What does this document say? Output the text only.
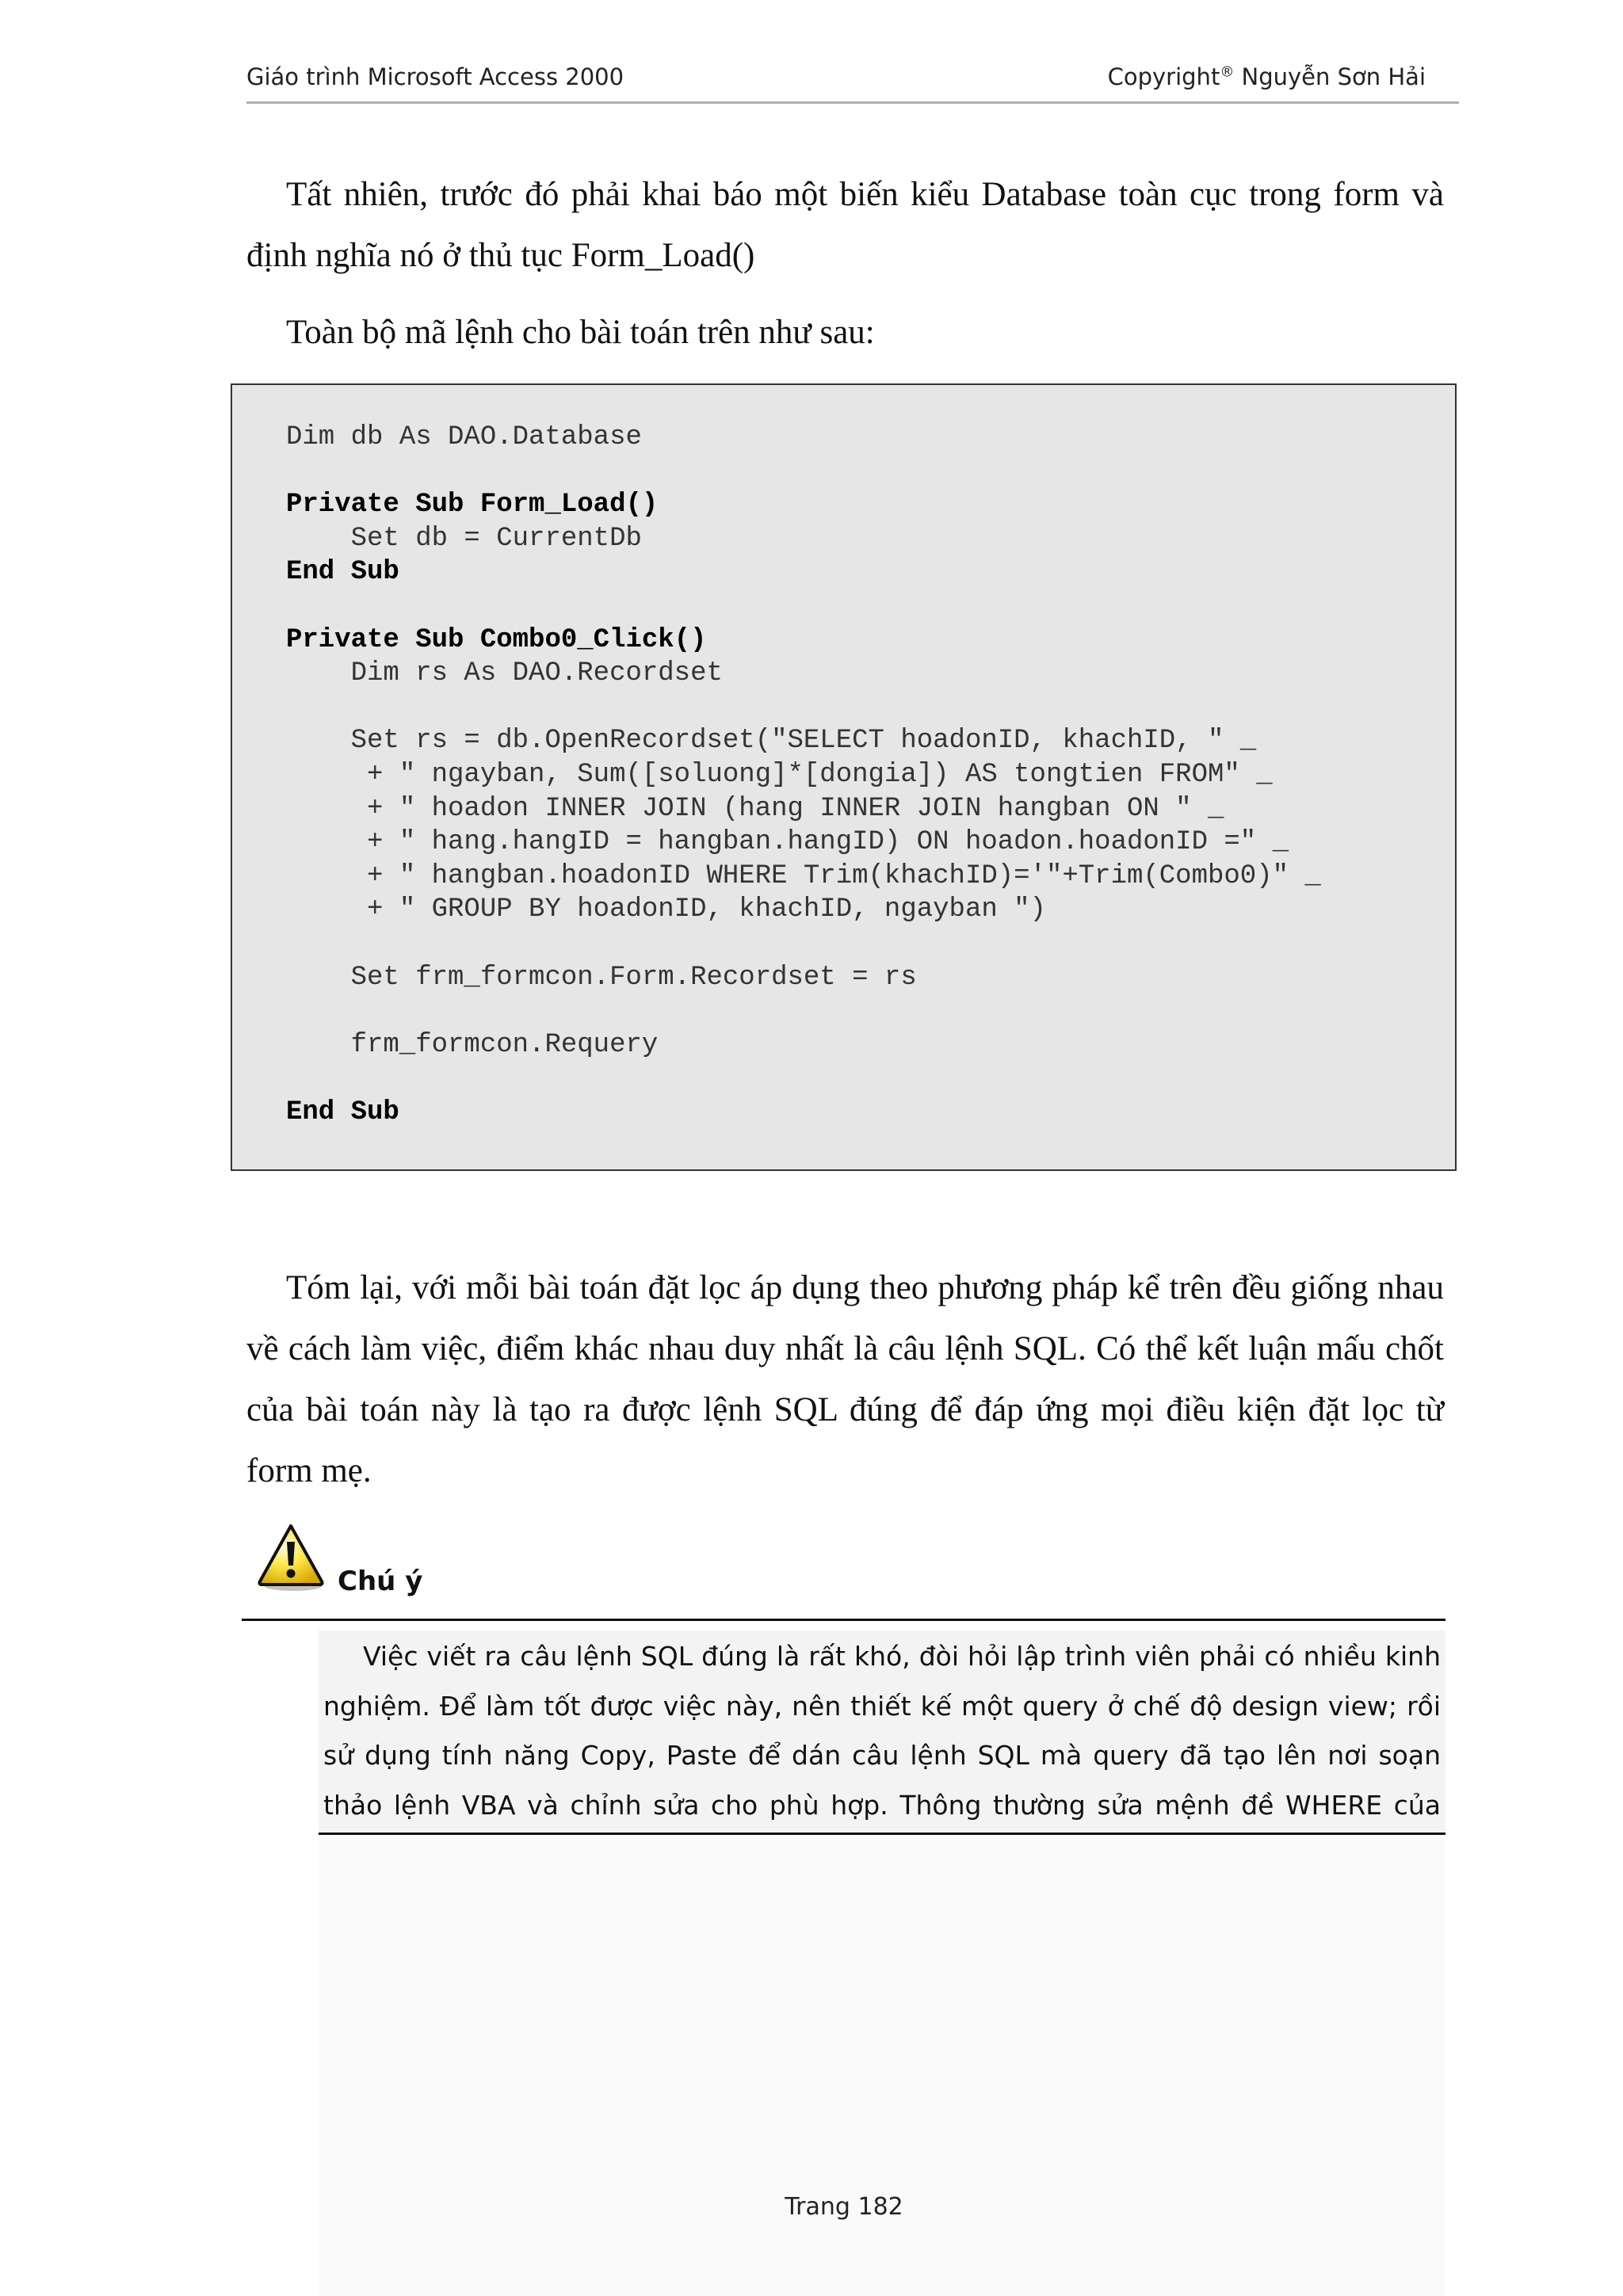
Giáo trình Microsoft Access 2000	Copyright® Nguyễn Sơn Hải
Tất nhiên, trước đó phải khai báo một biến kiểu Database toàn cục trong form và định nghĩa nó ở thủ tục Form_Load()
Toàn bộ mã lệnh cho bài toán trên như sau:
Dim db As DAO.Database
Private Sub Form_Load()
Set db = CurrentDb
End Sub
Private Sub Combo0_Click()
Dim rs As DAO.Recordset
Set rs = db.OpenRecordset("SELECT hoadonID, khachID, " _
+ " ngayban, Sum([soluong]*[dongia]) AS tongtien FROM" _
+ " hoadon INNER JOIN (hang INNER JOIN hangban ON " _
+ " hang.hangID = hangban.hangID) ON hoadon.hoadonID =" _
+ " hangban.hoadonID WHERE Trim(khachID)='"+Trim(Combo0)" _
+ " GROUP BY hoadonID, khachID, ngayban ")
Set frm_formcon.Form.Recordset = rs
frm_formcon.Requery
End Sub
Tóm lại, với mỗi bài toán đặt lọc áp dụng theo phương pháp kể trên đều giống nhau về cách làm việc, điểm khác nhau duy nhất là câu lệnh SQL. Có thể kết luận mấu chốt của bài toán này là tạo ra được lệnh SQL đúng để đáp ứng mọi điều kiện đặt lọc từ form mẹ.
Chú ý
Việc viết ra câu lệnh SQL đúng là rất khó, đòi hỏi lập trình viên phải có nhiều kinh nghiệm. Để làm tốt được việc này, nên thiết kế một query ở chế độ design view; rồi sử dụng tính năng Copy, Paste để dán câu lệnh SQL mà query đã tạo lên nơi soạn thảo lệnh VBA và chỉnh sửa cho phù hợp. Thông thường sửa mệnh đề WHERE của
Trang 182
